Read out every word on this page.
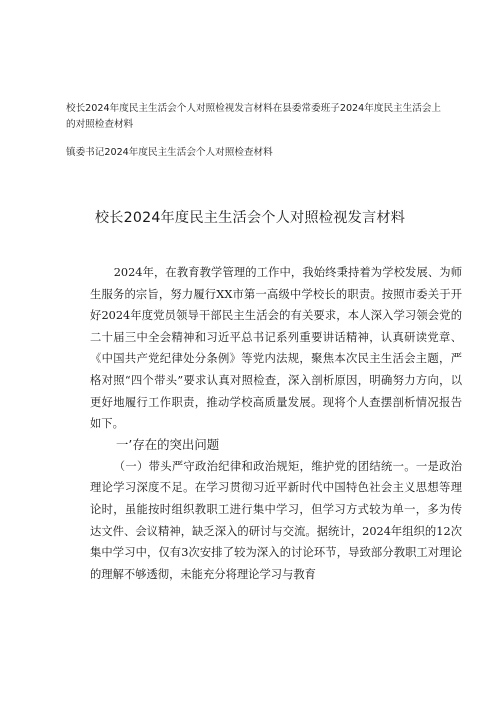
校长2024年度民主生活会个人对照检视发言材料在县委常委班子2024年度民主生活会上的对照检查材料

镇委书记2024年度民主生活会个人对照检查材料

校长2024年度民主生活会个人对照检视发言材料

2024年，在教育教学管理的工作中，我始终秉持着为学校发展、为师生服务的宗旨，努力履行XX市第一高级中学校长的职责。按照市委关于开好2024年度党员领导干部民主生活会的有关要求，本人深入学习领会党的二十届三中全会精神和习近平总书记系列重要讲话精神，认真研读党章、《中国共产党纪律处分条例》等党内法规，聚焦本次民主生活会主题，严格对照“四个带头”要求认真对照检查，深入剖析原因，明确努力方向，以更好地履行工作职责，推动学校高质量发展。现将个人查摆剖析情况报告如下。

一’存在的突出问题

（一）带头严守政治纪律和政治规矩，维护党的团结统一。一是政治理论学习深度不足。在学习贯彻习近平新时代中国特色社会主义思想等理论时，虽能按时组织教职工进行集中学习，但学习方式较为单一，多为传达文件、会议精神，缺乏深入的研讨与交流。据统计，2024年组织的12次集中学习中，仅有3次安排了较为深入的讨论环节，导致部分教职工对理论的理解不够透彻，未能充分将理论学习与教育
